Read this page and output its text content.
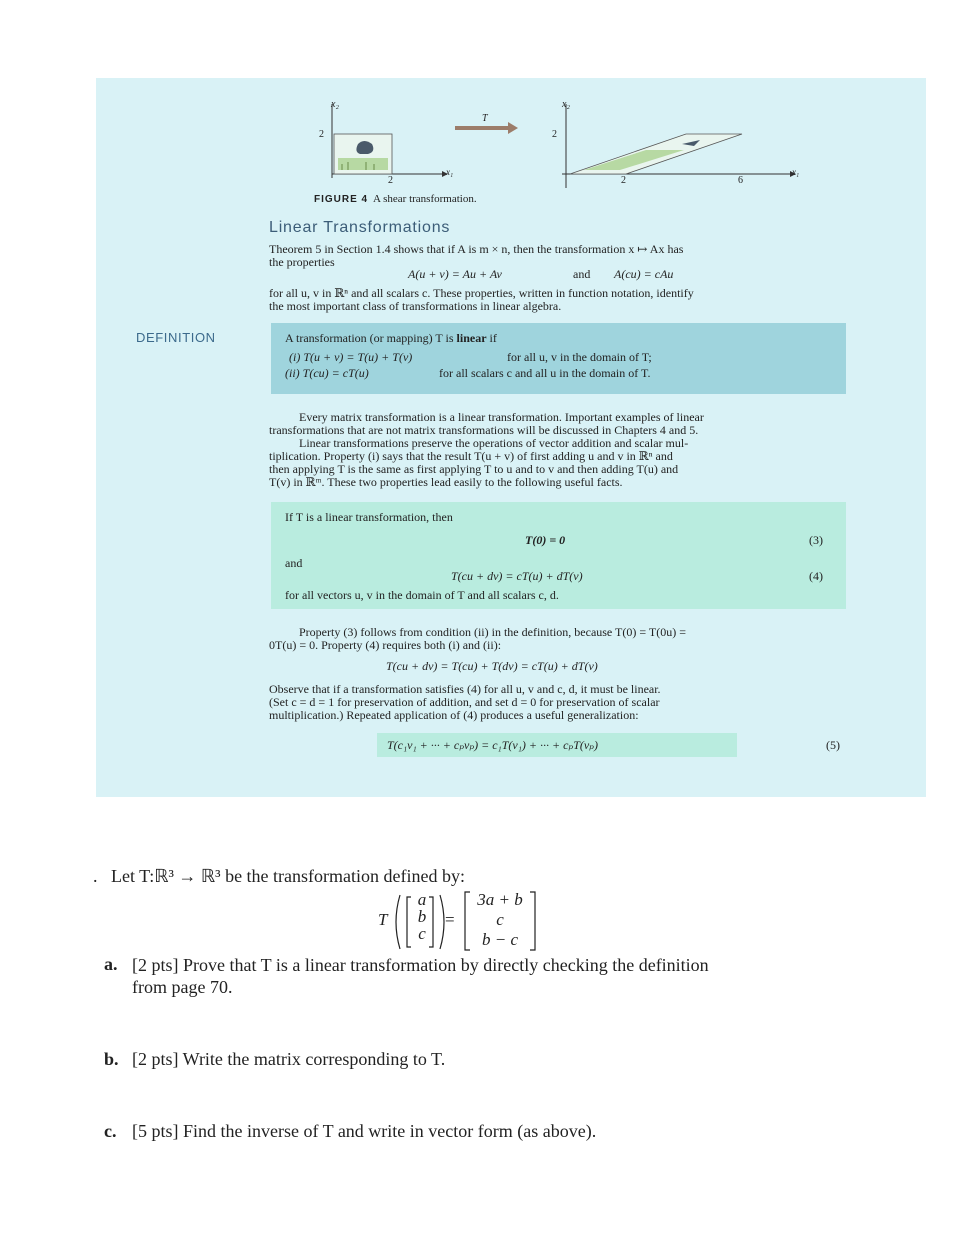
x₂
2
2
x₁
T
x₂
2
2	6
x₁
FIGURE 4 A shear transformation.
Linear Transformations
Theorem 5 in Section 1.4 shows that if A is m × n, then the transformation x ↦ Ax has
the properties
A(u + v) = Au + Av	and A(cu) = cAu
for all u, v in ℝⁿ and all scalars c. These properties, written in function notation, identify
the most important class of transformations in linear algebra.
DEFINITION	A transformation (or mapping) T is linear if
(i) T(u + v) = T(u) + T(v)	for all u, v in the domain of T;
(ii) T(cu) = cT(u)	for all scalars c and all u in the domain of T.
Every matrix transformation is a linear transformation. Important examples of linear
transformations that are not matrix transformations will be discussed in Chapters 4 and 5.
Linear transformations preserve the operations of vector addition and scalar mul-
tiplication. Property (i) says that the result T(u + v) of first adding u and v in ℝⁿ and
then applying T is the same as first applying T to u and to v and then adding T(u) and
T(v) in ℝᵐ. These two properties lead easily to the following useful facts.
If T is a linear transformation, then
T(0) = 0	(3)
and
T(cu + dv) = cT(u) + dT(v)	(4)
for all vectors u, v in the domain of T and all scalars c, d.
Property (3) follows from condition (ii) in the definition, because T(0) = T(0u) =
0T(u) = 0. Property (4) requires both (i) and (ii):
T(cu + dv) = T(cu) + T(dv) = cT(u) + dT(v)
Observe that if a transformation satisfies (4) for all u, v and c, d, it must be linear.
(Set c = d = 1 for preservation of addition, and set d = 0 for preservation of scalar
multiplication.) Repeated application of (4) produces a useful generalization:
T(c₁v₁ + ··· + cₚvₚ) = c₁T(v₁) + ··· + cₚT(vₚ)	(5)
. Let T:ℝ³ → ℝ³ be the transformation defined by:
T
a
b
c
=
3a + b
c
b − c
a. [2 pts] Prove that T is a linear transformation by directly checking the definition
from page 70.
b. [2 pts] Write the matrix corresponding to T.
c. [5 pts] Find the inverse of T and write in vector form (as above).
